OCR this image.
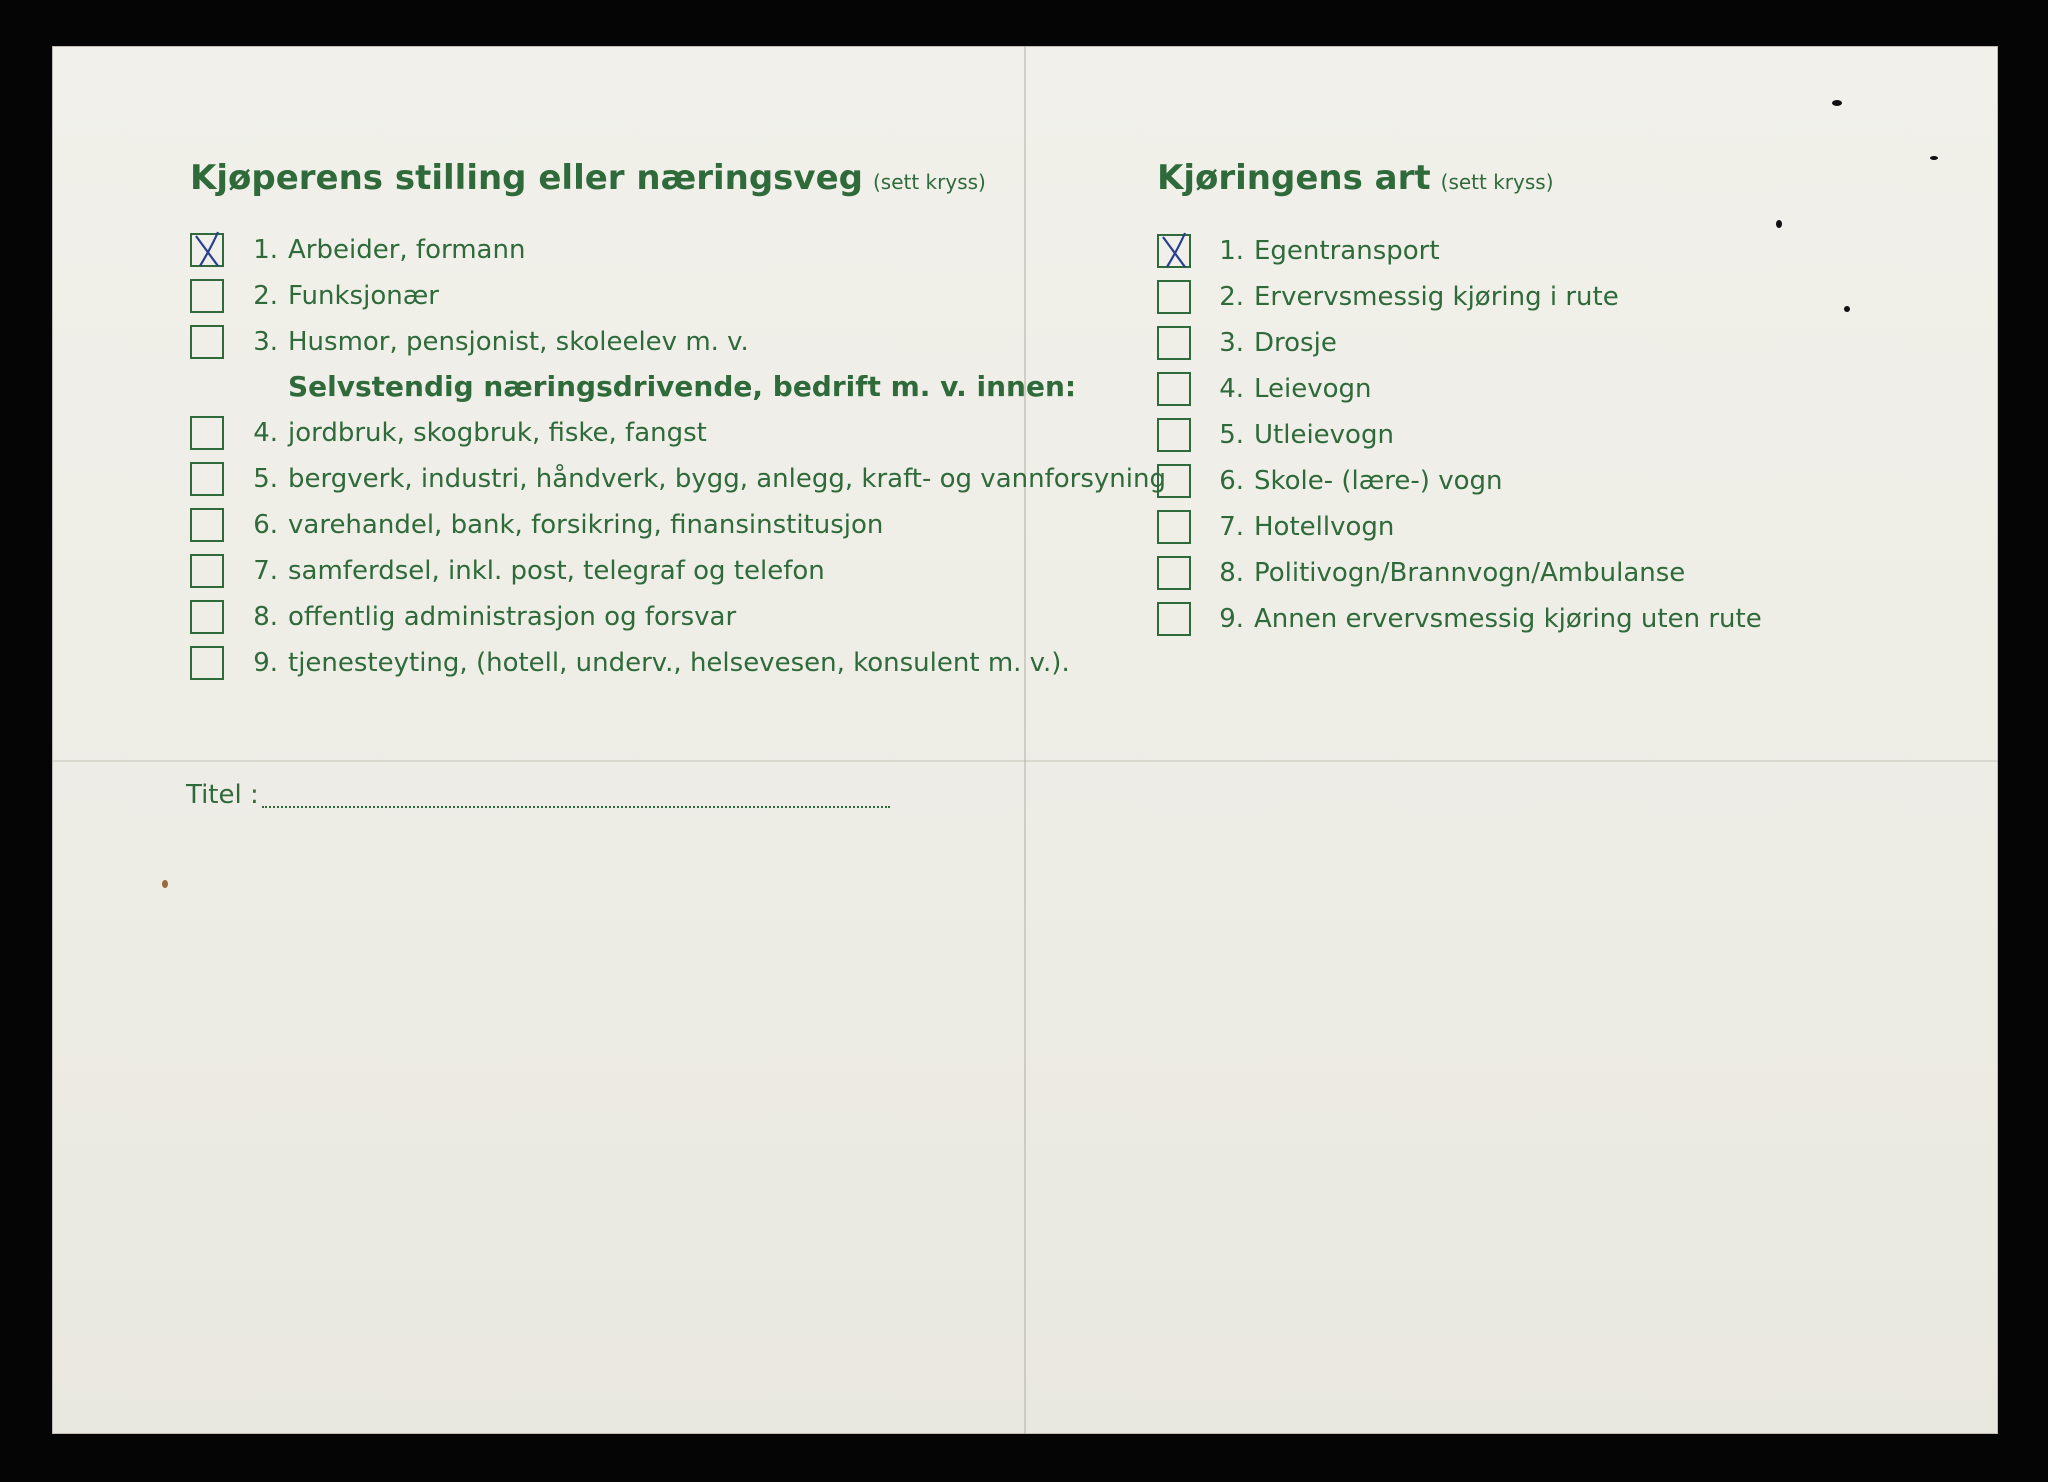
Kjøperens stilling eller næringsveg (sett kryss)
1. Arbeider, formann
2. Funksjonær
3. Husmor, pensjonist, skoleelev m. v.
Selvstendig næringsdrivende, bedrift m. v. innen:
4. jordbruk, skogbruk, fiske, fangst
5. bergverk, industri, håndverk, bygg, anlegg, kraft- og vannforsyning
6. varehandel, bank, forsikring, finansinstitusjon
7. samferdsel, inkl. post, telegraf og telefon
8. offentlig administrasjon og forsvar
9. tjenesteyting, (hotell, underv., helsevesen, konsulent m. v.).
Titel :
Kjøringens art (sett kryss)
1. Egentransport
2. Ervervsmessig kjøring i rute
3. Drosje
4. Leievogn
5. Utleievogn
6. Skole- (lære-) vogn
7. Hotellvogn
8. Politivogn/Brannvogn/Ambulanse
9. Annen ervervsmessig kjøring uten rute
